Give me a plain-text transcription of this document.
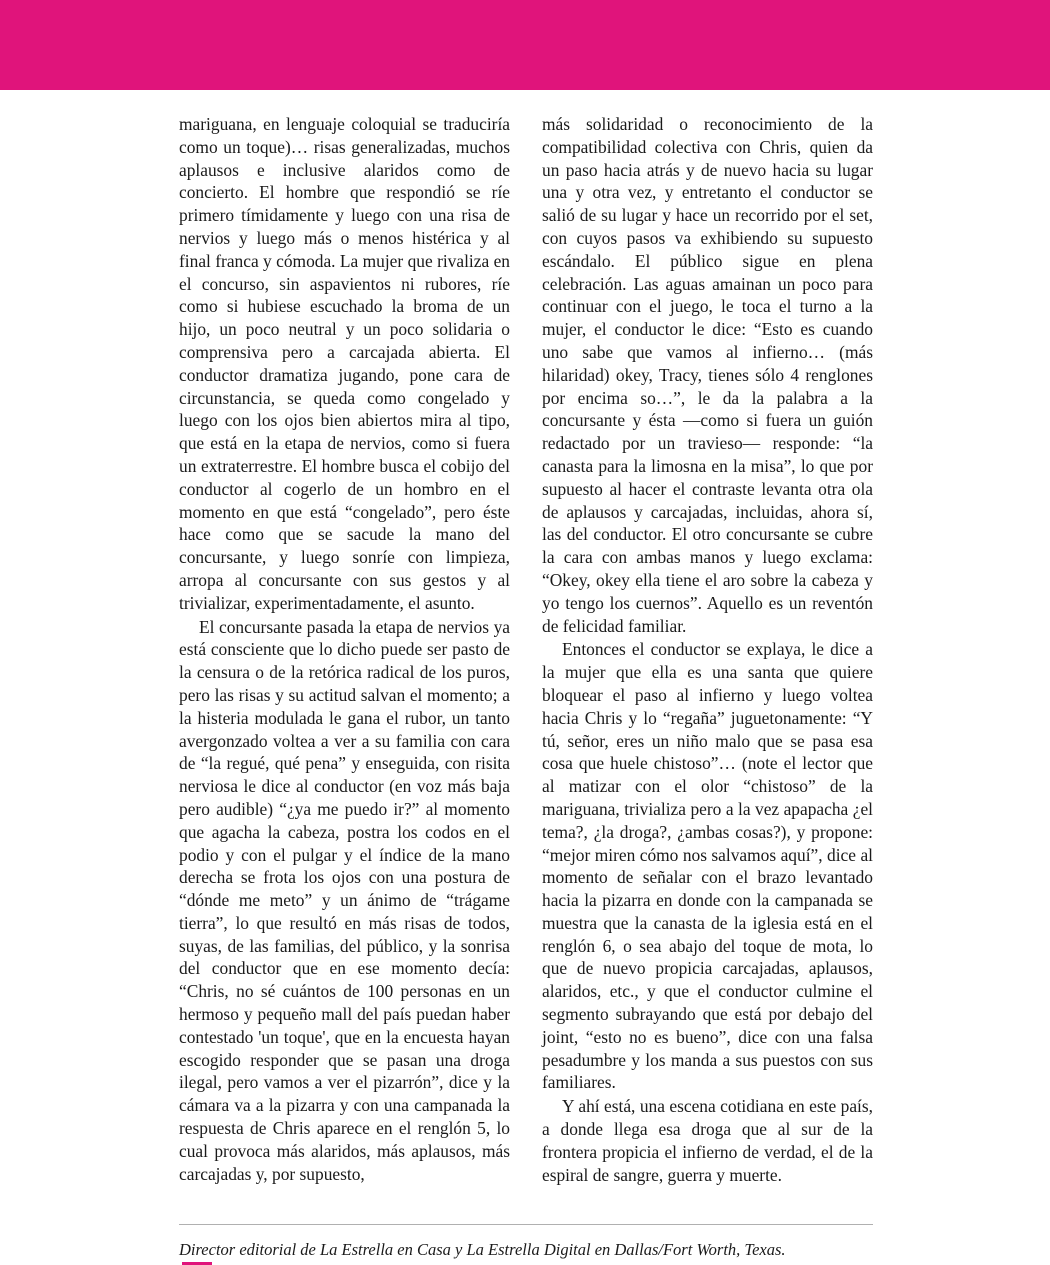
mariguana, en lenguaje coloquial se traduciría como un toque)… risas generalizadas, muchos aplausos e inclusive alaridos como de concierto. El hombre que respondió se ríe primero tímidamente y luego con una risa de nervios y luego más o menos histérica y al final franca y cómoda. La mujer que rivaliza en el concurso, sin aspavientos ni rubores, ríe como si hubiese escuchado la broma de un hijo, un poco neutral y un poco solidaria o comprensiva pero a carcajada abierta. El conductor dramatiza jugando, pone cara de circunstancia, se queda como congelado y luego con los ojos bien abiertos mira al tipo, que está en la etapa de nervios, como si fuera un extraterrestre. El hombre busca el cobijo del conductor al cogerlo de un hombro en el momento en que está “congelado”, pero éste hace como que se sacude la mano del concursante, y luego sonríe con limpieza, arropa al concursante con sus gestos y al trivializar, experimentadamente, el asunto.

El concursante pasada la etapa de nervios ya está consciente que lo dicho puede ser pasto de la censura o de la retórica radical de los puros, pero las risas y su actitud salvan el momento; a la histeria modulada le gana el rubor, un tanto avergonzado voltea a ver a su familia con cara de “la regué, qué pena” y enseguida, con risita nerviosa le dice al conductor (en voz más baja pero audible) “¿ya me puedo ir?” al momento que agacha la cabeza, postra los codos en el podio y con el pulgar y el índice de la mano derecha se frota los ojos con una postura de “dónde me meto” y un ánimo de “trágame tierra”, lo que resultó en más risas de todos, suyas, de las familias, del público, y la sonrisa del conductor que en ese momento decía: “Chris, no sé cuántos de 100 personas en un hermoso y pequeño mall del país puedan haber contestado 'un toque', que en la encuesta hayan escogido responder que se pasan una droga ilegal, pero vamos a ver el pizarrón”, dice y la cámara va a la pizarra y con una campanada la respuesta de Chris aparece en el renglón 5, lo cual provoca más alaridos, más aplausos, más carcajadas y, por supuesto,

más solidaridad o reconocimiento de la compatibilidad colectiva con Chris, quien da un paso hacia atrás y de nuevo hacia su lugar una y otra vez, y entretanto el conductor se salió de su lugar y hace un recorrido por el set, con cuyos pasos va exhibiendo su supuesto escándalo. El público sigue en plena celebración. Las aguas amainan un poco para continuar con el juego, le toca el turno a la mujer, el conductor le dice: “Esto es cuando uno sabe que vamos al infierno… (más hilaridad) okey, Tracy, tienes sólo 4 renglones por encima so…”, le da la palabra a la concursante y ésta —como si fuera un guión redactado por un travieso— responde: “la canasta para la limosna en la misa”, lo que por supuesto al hacer el contraste levanta otra ola de aplausos y carcajadas, incluidas, ahora sí, las del conductor. El otro concursante se cubre la cara con ambas manos y luego exclama: “Okey, okey ella tiene el aro sobre la cabeza y yo tengo los cuernos”. Aquello es un reventón de felicidad familiar.

Entonces el conductor se explaya, le dice a la mujer que ella es una santa que quiere bloquear el paso al infierno y luego voltea hacia Chris y lo “regaña” juguetonamente: “Y tú, señor, eres un niño malo que se pasa esa cosa que huele chistoso”… (note el lector que al matizar con el olor “chistoso” de la mariguana, trivializa pero a la vez apapacha ¿el tema?, ¿la droga?, ¿ambas cosas?), y propone: “mejor miren cómo nos salvamos aquí”, dice al momento de señalar con el brazo levantado hacia la pizarra en donde con la campanada se muestra que la canasta de la iglesia está en el renglón 6, o sea abajo del toque de mota, lo que de nuevo propicia carcajadas, aplausos, alaridos, etc., y que el conductor culmine el segmento subrayando que está por debajo del joint, “esto no es bueno”, dice con una falsa pesadumbre y los manda a sus puestos con sus familiares.

Y ahí está, una escena cotidiana en este país, a donde llega esa droga que al sur de la frontera propicia el infierno de verdad, el de la espiral de sangre, guerra y muerte.

Director editorial de La Estrella en Casa y La Estrella Digital en Dallas/Fort Worth, Texas.
